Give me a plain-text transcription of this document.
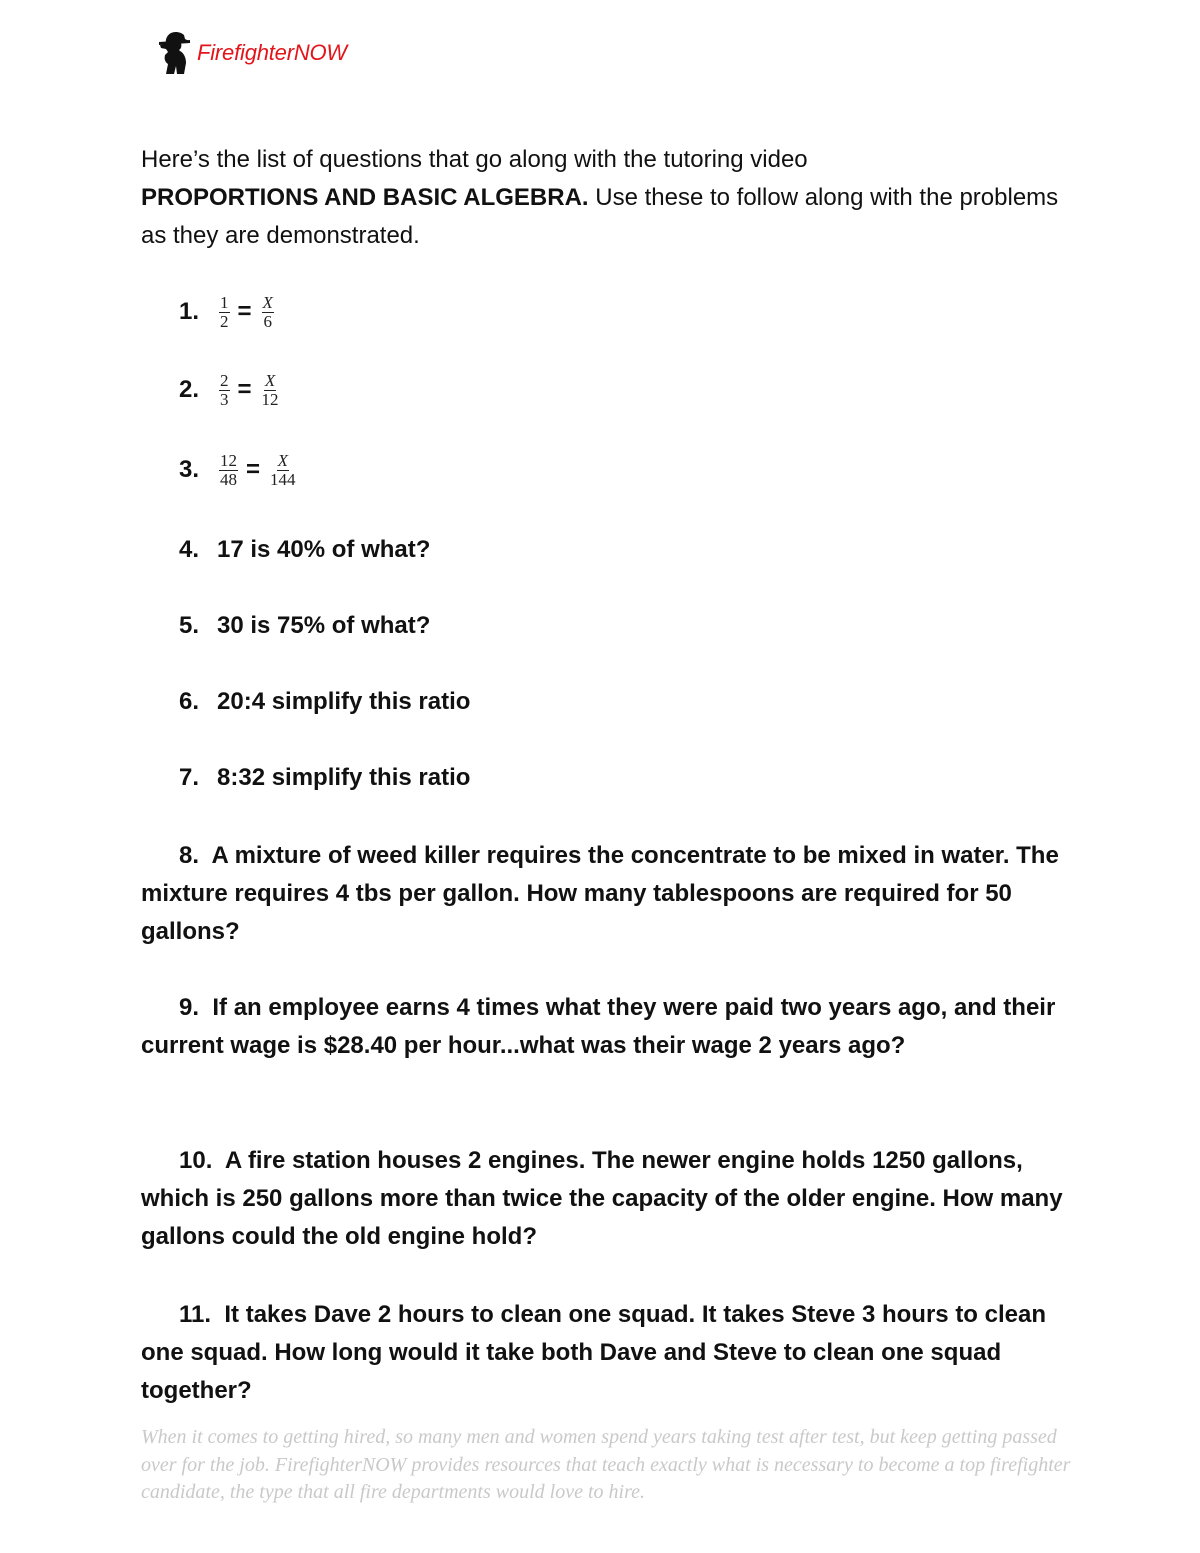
FirefighterNOW
Here’s the list of questions that go along with the tutoring video
PROPORTIONS AND BASIC ALGEBRA. Use these to follow along with the problems as they are demonstrated.
1.	$\frac{1}{2} = \frac{X}{6}$
2.	$\frac{2}{3} = \frac{X}{12}$
3.	$\frac{12}{48} = \frac{X}{144}$
4. 17 is 40% of what?
5. 30 is 75% of what?
6. 20:4 simplify this ratio
7. 8:32 simplify this ratio
8. A mixture of weed killer requires the concentrate to be mixed in water. The mixture requires 4 tbs per gallon. How many tablespoons are required for 50 gallons?
9. If an employee earns 4 times what they were paid two years ago, and their current wage is $28.40 per hour...what was their wage 2 years ago?
10. A fire station houses 2 engines. The newer engine holds 1250 gallons, which is 250 gallons more than twice the capacity of the older engine. How many gallons could the old engine hold?
11. It takes Dave 2 hours to clean one squad. It takes Steve 3 hours to clean one squad. How long would it take both Dave and Steve to clean one squad together?
When it comes to getting hired, so many men and women spend years taking test after test, but keep getting passed over for the job. FirefighterNOW provides resources that teach exactly what is necessary to become a top firefighter candidate, the type that all fire departments would love to hire.
